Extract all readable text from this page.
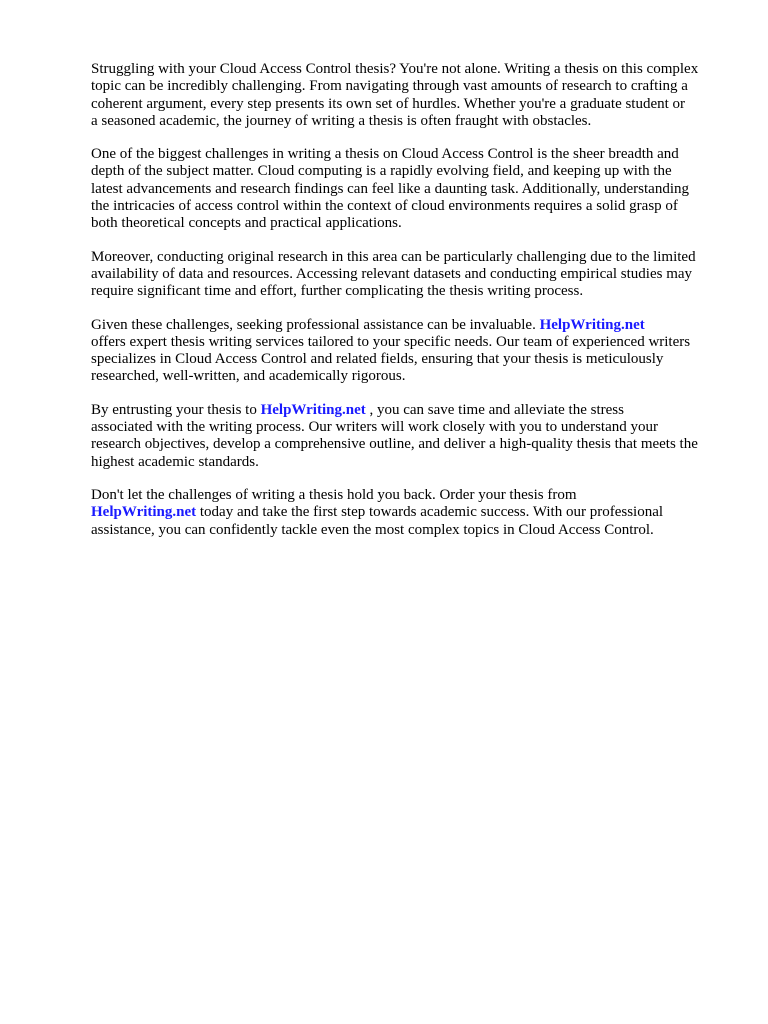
Struggling with your Cloud Access Control thesis? You're not alone. Writing a thesis on this complex
topic can be incredibly challenging. From navigating through vast amounts of research to crafting a
coherent argument, every step presents its own set of hurdles. Whether you're a graduate student or
a seasoned academic, the journey of writing a thesis is often fraught with obstacles.

One of the biggest challenges in writing a thesis on Cloud Access Control is the sheer breadth and
depth of the subject matter. Cloud computing is a rapidly evolving field, and keeping up with the
latest advancements and research findings can feel like a daunting task. Additionally, understanding
the intricacies of access control within the context of cloud environments requires a solid grasp of
both theoretical concepts and practical applications.

Moreover, conducting original research in this area can be particularly challenging due to the limited
availability of data and resources. Accessing relevant datasets and conducting empirical studies may
require significant time and effort, further complicating the thesis writing process.

Given these challenges, seeking professional assistance can be invaluable. HelpWriting.net
offers expert thesis writing services tailored to your specific needs. Our team of experienced writers
specializes in Cloud Access Control and related fields, ensuring that your thesis is meticulously
researched, well-written, and academically rigorous.

By entrusting your thesis to HelpWriting.net , you can save time and alleviate the stress
associated with the writing process. Our writers will work closely with you to understand your
research objectives, develop a comprehensive outline, and deliver a high-quality thesis that meets the
highest academic standards.

Don't let the challenges of writing a thesis hold you back. Order your thesis from
HelpWriting.net today and take the first step towards academic success. With our professional
assistance, you can confidently tackle even the most complex topics in Cloud Access Control.
